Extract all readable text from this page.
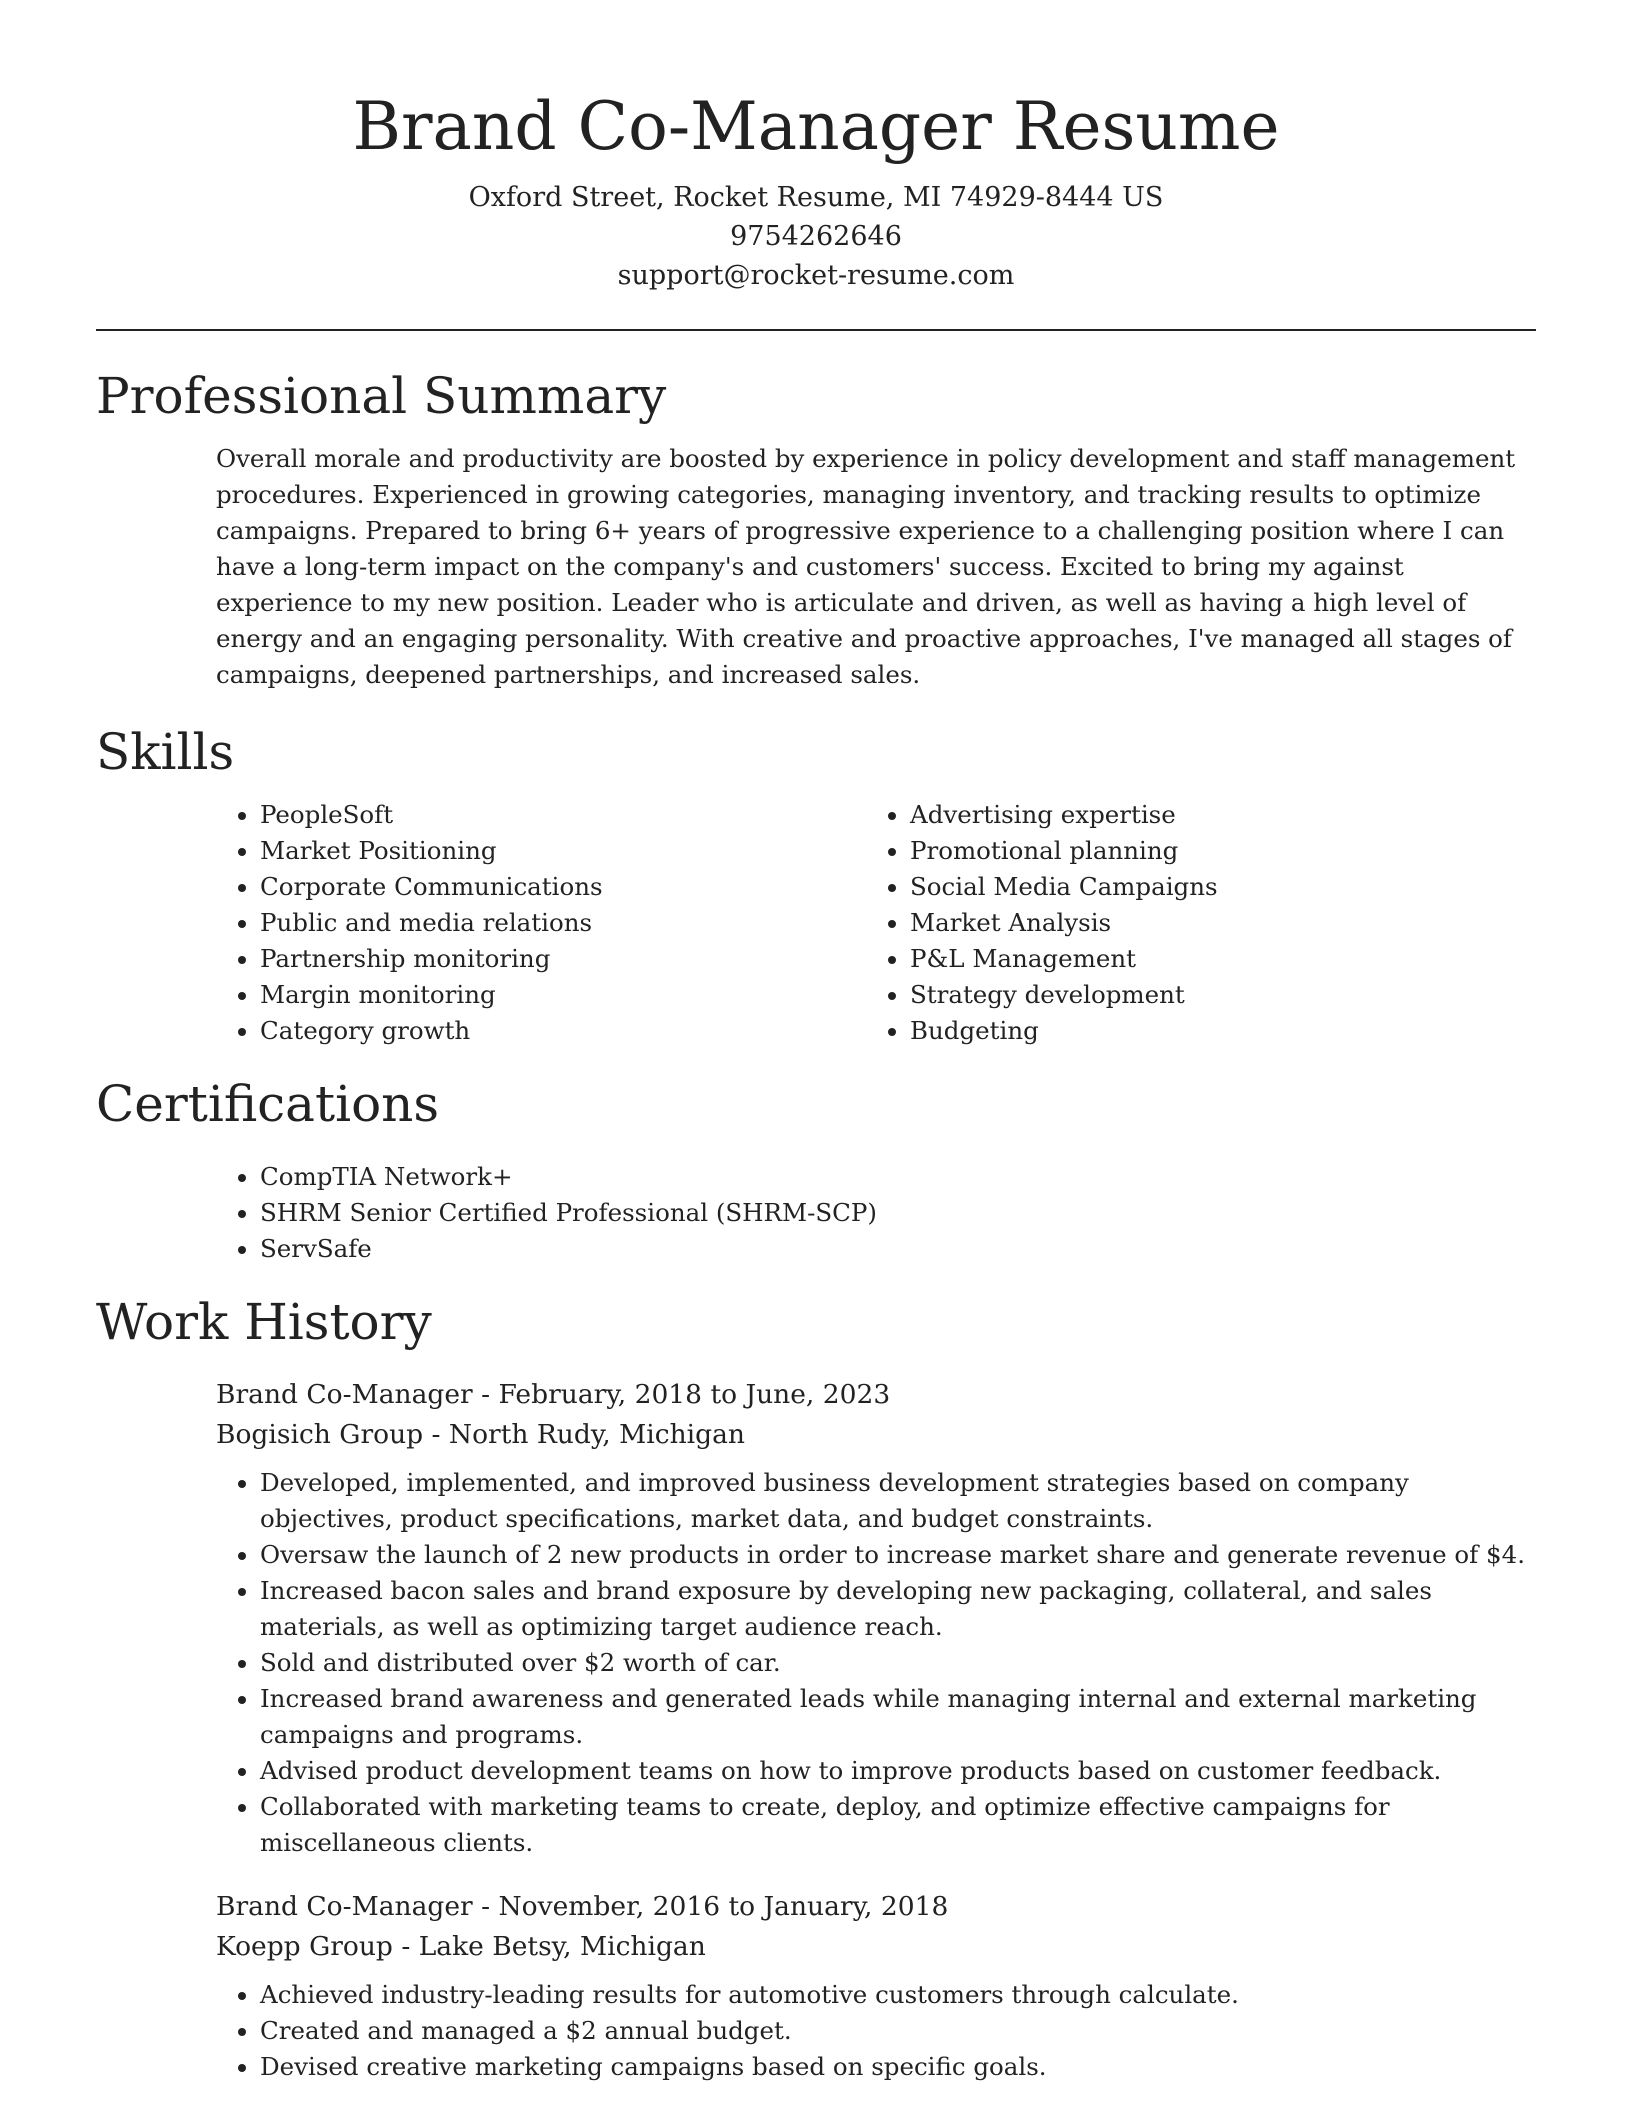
Brand Co-Manager Resume

Oxford Street, Rocket Resume, MI 74929-8444 US

9754262646

support@rocket-resume.com

Professional Summary

Overall morale and productivity are boosted by experience in policy development and staff management procedures. Experienced in growing categories, managing inventory, and tracking results to optimize campaigns. Prepared to bring 6+ years of progressive experience to a challenging position where I can have a long-term impact on the company's and customers' success. Excited to bring my against experience to my new position. Leader who is articulate and driven, as well as having a high level of energy and an engaging personality. With creative and proactive approaches, I've managed all stages of campaigns, deepened partnerships, and increased sales.

Skills
• PeopleSoft
• Market Positioning
• Corporate Communications
• Public and media relations
• Partnership monitoring
• Margin monitoring
• Category growth
• Advertising expertise
• Promotional planning
• Social Media Campaigns
• Market Analysis
• P&L Management
• Strategy development
• Budgeting
Certifications
• CompTIA Network+
• SHRM Senior Certified Professional (SHRM-SCP)
• ServSafe
Work History

Brand Co-Manager - February, 2018 to June, 2023

Bogisich Group - North Rudy, Michigan

• Developed, implemented, and improved business development strategies based on company objectives, product specifications, market data, and budget constraints.
• Oversaw the launch of 2 new products in order to increase market share and generate revenue of $4.
• Increased bacon sales and brand exposure by developing new packaging, collateral, and sales materials, as well as optimizing target audience reach.
• Sold and distributed over $2 worth of car.
• Increased brand awareness and generated leads while managing internal and external marketing campaigns and programs.
• Advised product development teams on how to improve products based on customer feedback.
• Collaborated with marketing teams to create, deploy, and optimize effective campaigns for miscellaneous clients.

Brand Co-Manager - November, 2016 to January, 2018

Koepp Group - Lake Betsy, Michigan

• Achieved industry-leading results for automotive customers through calculate.
• Created and managed a $2 annual budget.
• Devised creative marketing campaigns based on specific goals.
